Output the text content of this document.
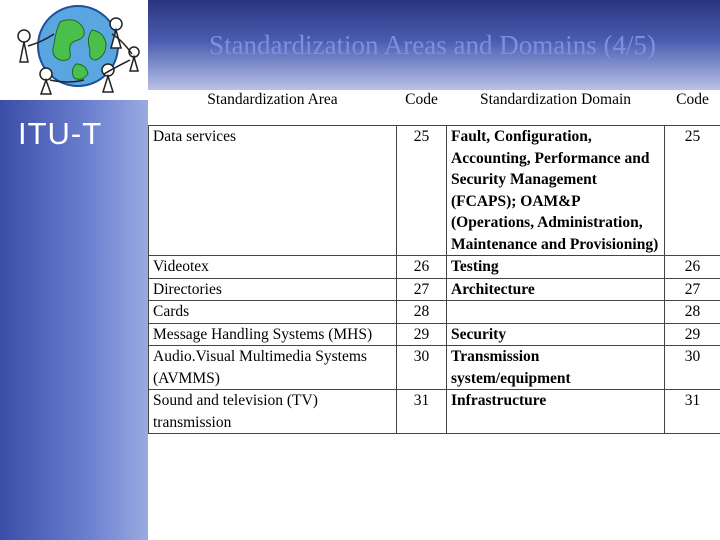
Standardization Areas and Domains (4/5)
ITU-T
Standardization Area	Code	Standardization Domain	Code
Data services	25	Fault, Configuration, Accounting, Performance and Security Management (FCAPS); OAM&P (Operations, Administration, Maintenance and Provisioning)	25
Videotex	26	Testing	26
Directories	27	Architecture	27
Cards	28		28
Message Handling Systems (MHS)	29	Security	29
Audio.Visual Multimedia Systems (AVMMS)	30	Transmission system/equipment	30
Sound and television (TV) transmission	31	Infrastructure	31
